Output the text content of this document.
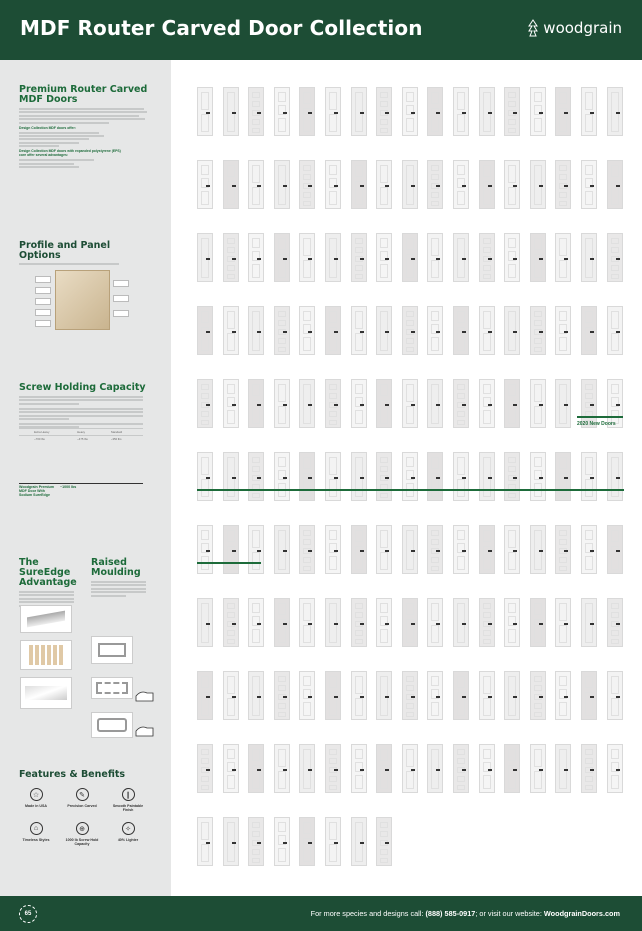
MDF Router Carved Door Collection	woodgrain
Premium Router Carved
MDF Doors
Design Collection MDF doors offer:
Design Collection MDF doors with expanded polystyrene (EPS)
core offer several advantages:
Profile and Panel Options
Screw Holding Capacity
	Extra Heavy	Heavy	Standard
	~700 lbs	~475 lbs	~350 lbs
Woodgrain Premium MDF Door With Sodium SureEdge ~1000 lbs
The SureEdge
Advantage
Raised
Moulding
Features & Benefits
☆
Made in USA
✎
Precision Carved
❙
Smooth Paintable Finish
⌂
Timeless Styles
⊕
1000 lb Screw Hold Capacity
✧
40% Lighter
2020 New Doors
65	For more species and designs call: (888) 585-0917; or visit our website: WoodgrainDoors.com
